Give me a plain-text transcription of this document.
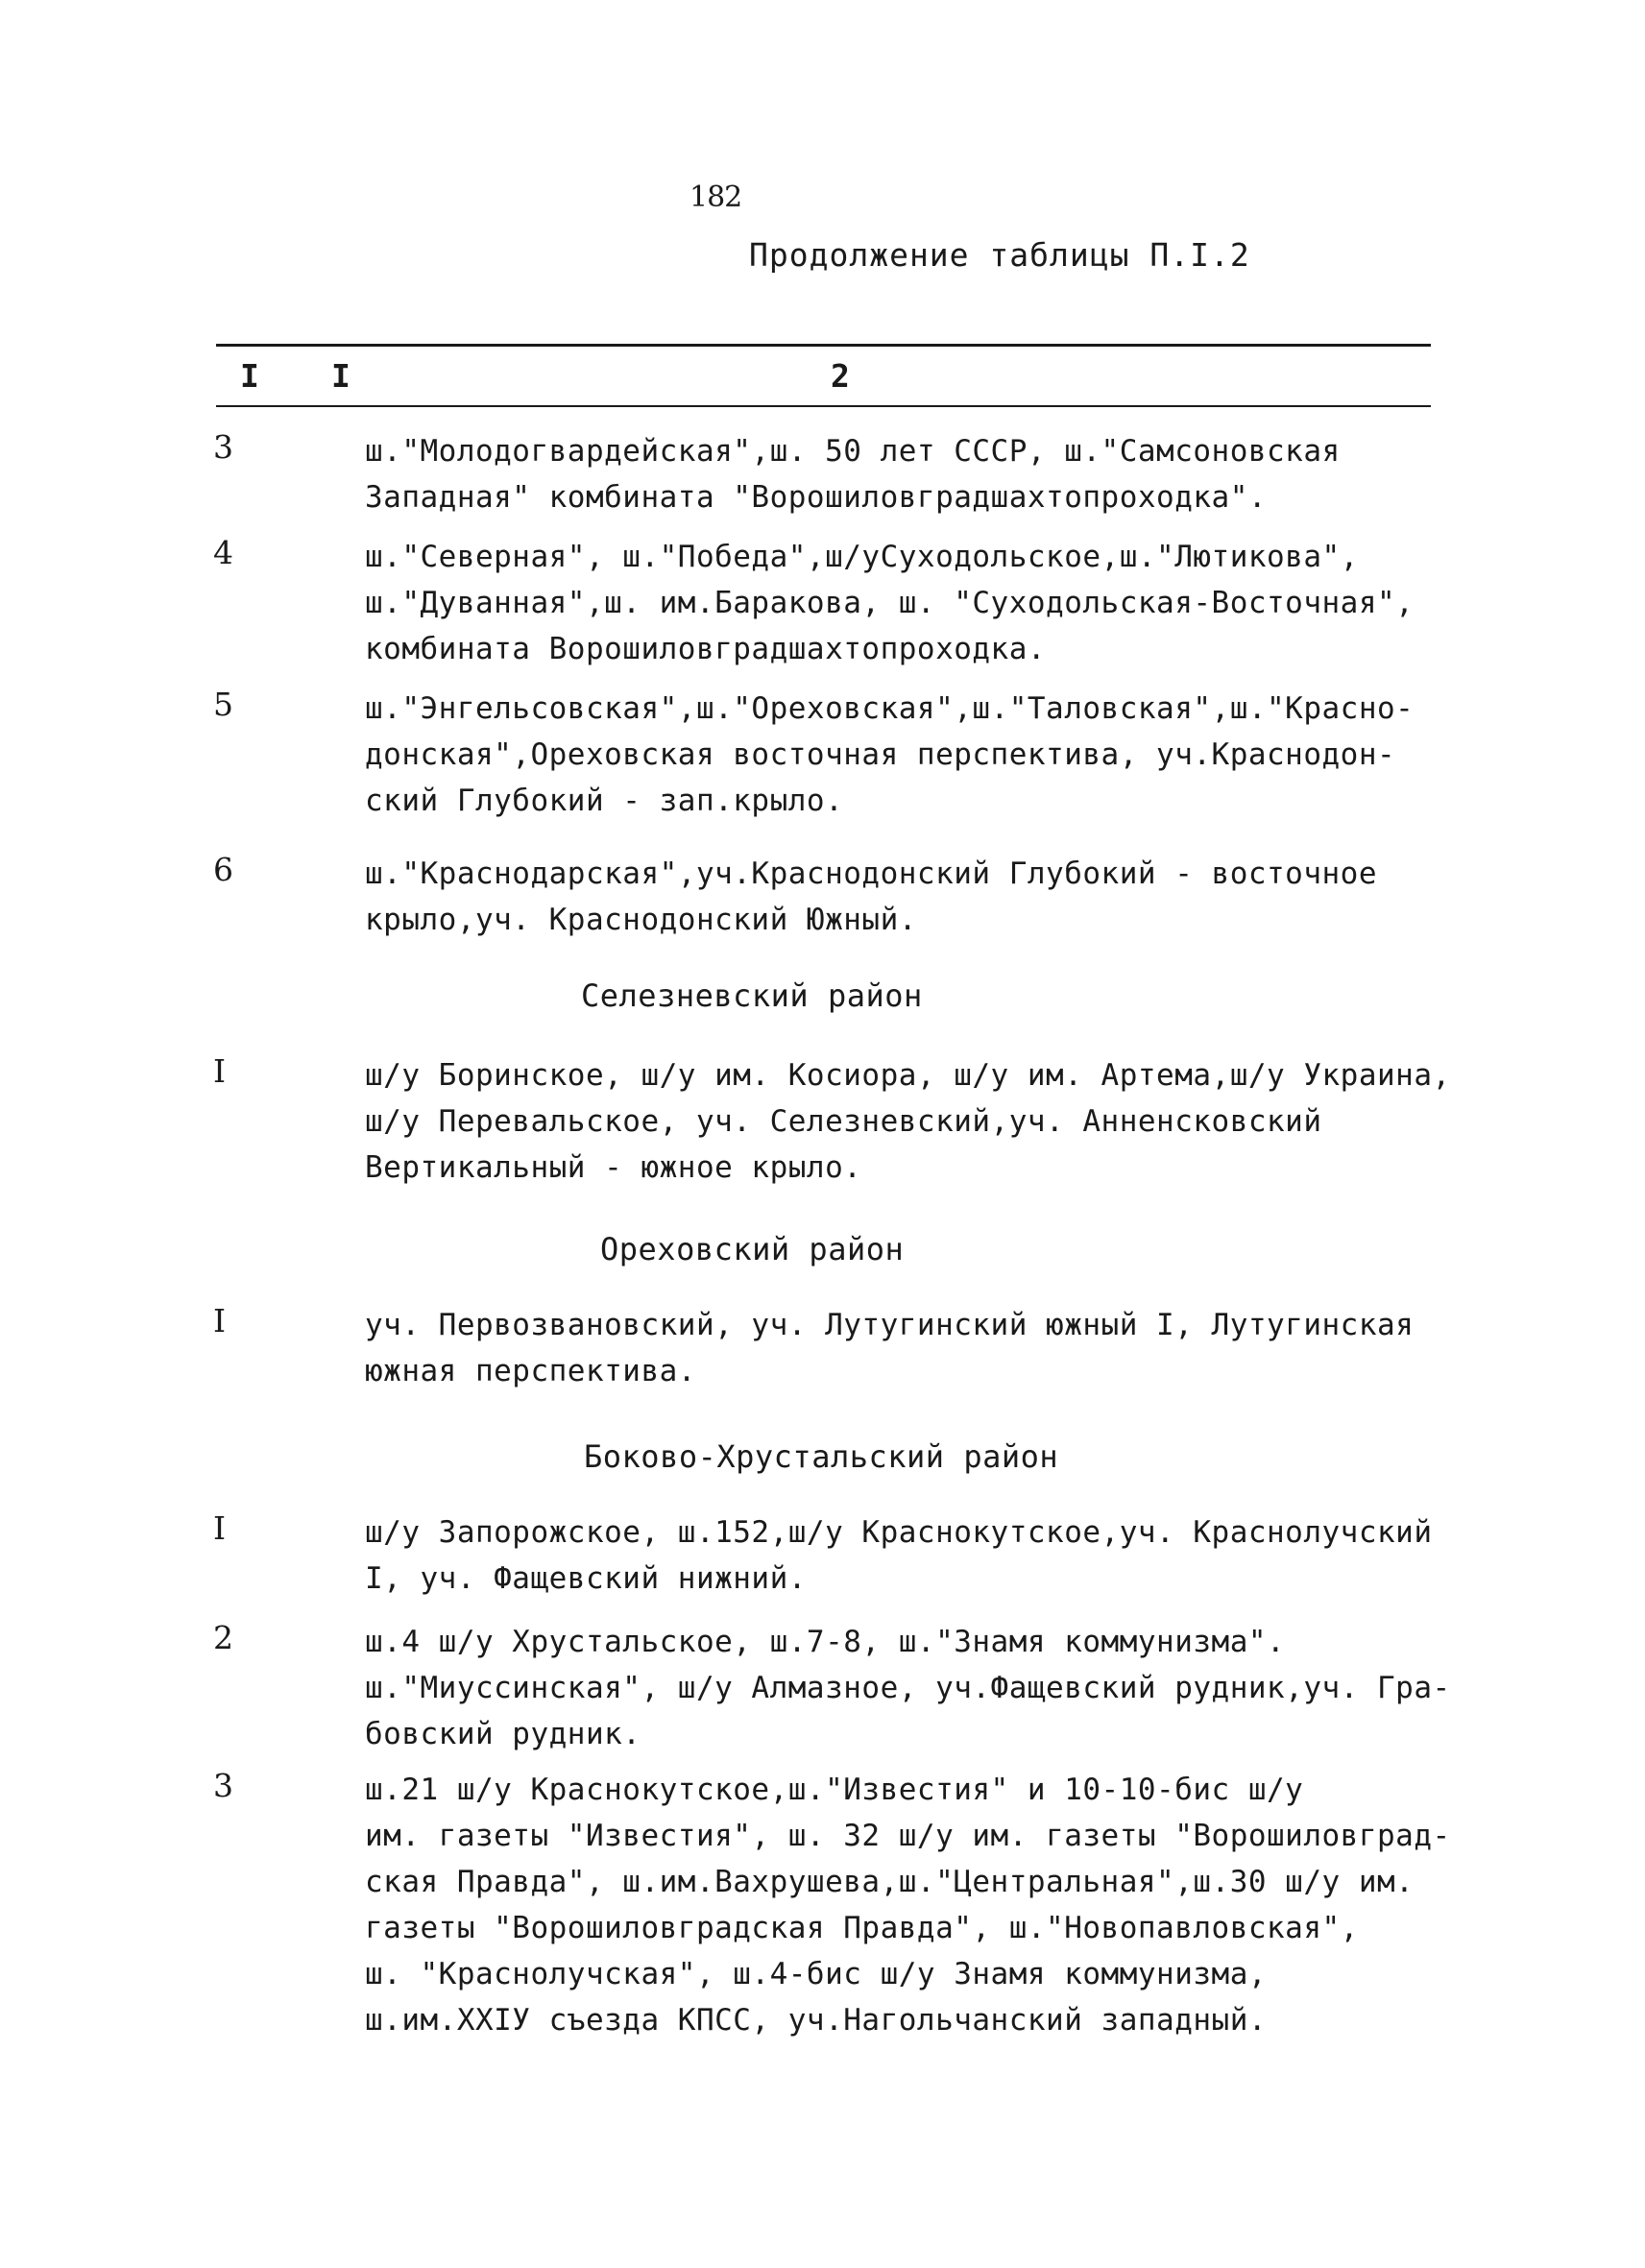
182
Продолжение таблицы П.I.2
I I	2
3	ш."Молодогвардейская",ш. 50 лет СССР, ш."Самсоновская
Западная" комбината "Ворошиловградшахтопроходка".
4	ш."Северная", ш."Победа",ш/уСуходольское,ш."Лютикова",
ш."Дуванная",ш. им.Баракова, ш. "Суходольская-Восточная",
комбината Ворошиловградшахтопроходка.
5	ш."Энгельсовская",ш."Ореховская",ш."Таловская",ш."Красно-
донская",Ореховская восточная перспектива, уч.Краснодон-
ский Глубокий - зап.крыло.
6	ш."Краснодарская",уч.Краснодонский Глубокий - восточное
крыло,уч. Краснодонский Южный.
Селезневский район
I	ш/у Боринское, ш/у им. Косиора, ш/у им. Артема,ш/у Украина,
ш/у Перевальское, уч. Селезневский,уч. Анненсковский
Вертикальный - южное крыло.
Ореховский район
I	уч. Первозвановский, уч. Лутугинский южный I, Лутугинская
южная перспектива.
Боково-Хрустальский район
I	ш/у Запорожское, ш.152,ш/у Краснокутское,уч. Краснолучский
I, уч. Фащевский нижний.
2	ш.4 ш/у Хрустальское, ш.7-8, ш."Знамя коммунизма".
ш."Миуссинская", ш/у Алмазное, уч.Фащевский рудник,уч. Гра-
бовский рудник.
3	ш.21 ш/у Краснокутское,ш."Известия" и 10-10-бис ш/у
им. газеты "Известия", ш. 32 ш/у им. газеты "Ворошиловград-
ская Правда", ш.им.Вахрушева,ш."Центральная",ш.30 ш/у им.
газеты "Ворошиловградская Правда", ш."Новопавловская",
ш. "Краснолучская", ш.4-бис ш/у Знамя коммунизма,
ш.им.XXIУ съезда КПСС, уч.Нагольчанский западный.
